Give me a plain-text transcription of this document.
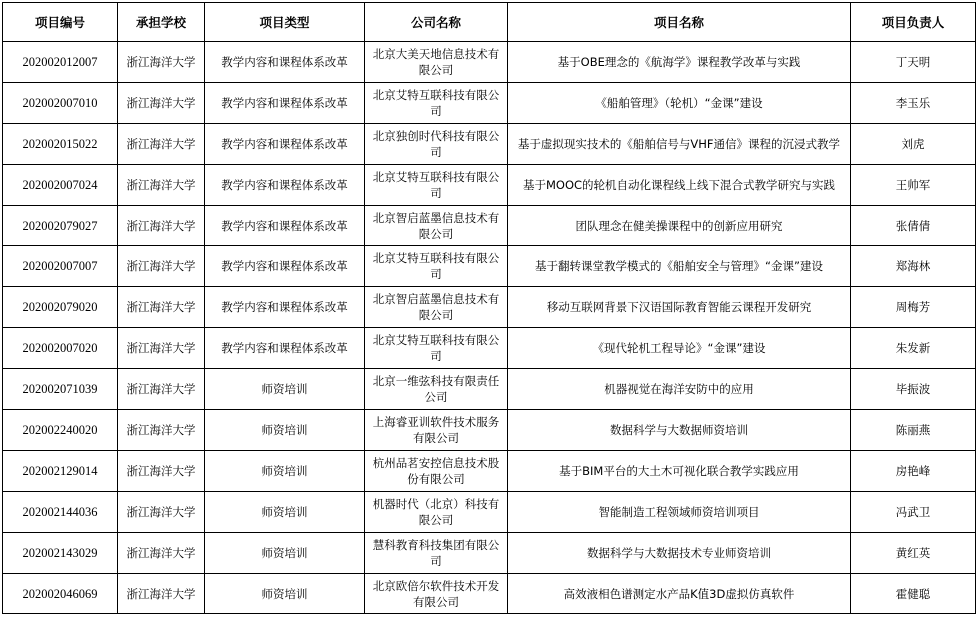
项目编号	承担学校	项目类型	公司名称	项目名称	项目负责人
202002012007	浙江海洋大学	教学内容和课程体系改革	北京大美天地信息技术有限公司	基于OBE理念的《航海学》课程教学改革与实践	丁天明
202002007010	浙江海洋大学	教学内容和课程体系改革	北京艾特互联科技有限公司	《船舶管理》（轮机）“金课”建设	李玉乐
202002015022	浙江海洋大学	教学内容和课程体系改革	北京独创时代科技有限公司	基于虚拟现实技术的《船舶信号与VHF通信》课程的沉浸式教学	刘虎
202002007024	浙江海洋大学	教学内容和课程体系改革	北京艾特互联科技有限公司	基于MOOC的轮机自动化课程线上线下混合式教学研究与实践	王帅军
202002079027	浙江海洋大学	教学内容和课程体系改革	北京智启蓝墨信息技术有限公司	团队理念在健美操课程中的创新应用研究	张倩倩
202002007007	浙江海洋大学	教学内容和课程体系改革	北京艾特互联科技有限公司	基于翻转课堂教学模式的《船舶安全与管理》“金课”建设	郑海林
202002079020	浙江海洋大学	教学内容和课程体系改革	北京智启蓝墨信息技术有限公司	移动互联网背景下汉语国际教育智能云课程开发研究	周梅芳
202002007020	浙江海洋大学	教学内容和课程体系改革	北京艾特互联科技有限公司	《现代轮机工程导论》“金课”建设	朱发新
202002071039	浙江海洋大学	师资培训	北京一维弦科技有限责任公司	机器视觉在海洋安防中的应用	毕振波
202002240020	浙江海洋大学	师资培训	上海睿亚训软件技术服务有限公司	数据科学与大数据师资培训	陈丽燕
202002129014	浙江海洋大学	师资培训	杭州品茗安控信息技术股份有限公司	基于BIM平台的大土木可视化联合教学实践应用	房艳峰
202002144036	浙江海洋大学	师资培训	机器时代（北京）科技有限公司	智能制造工程领域师资培训项目	冯武卫
202002143029	浙江海洋大学	师资培训	慧科教育科技集团有限公司	数据科学与大数据技术专业师资培训	黄红英
202002046069	浙江海洋大学	师资培训	北京欧倍尔软件技术开发有限公司	高效液相色谱测定水产品K值3D虚拟仿真软件	霍健聪
